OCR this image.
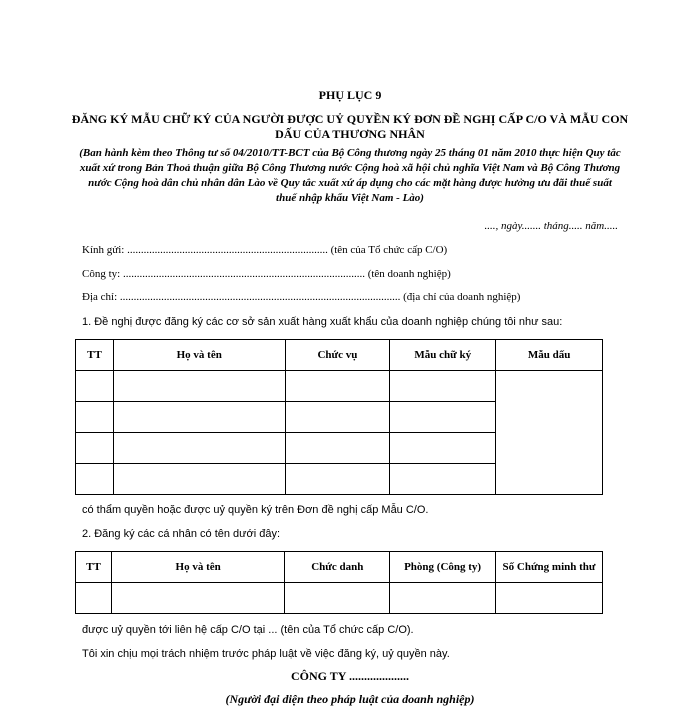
PHỤ LỤC 9
ĐĂNG KÝ MẪU CHỮ KÝ CỦA NGƯỜI ĐƯỢC UỶ QUYỀN KÝ ĐƠN ĐỀ NGHỊ CẤP C/O VÀ MẪU CON DẤU CỦA THƯƠNG NHÂN
(Ban hành kèm theo Thông tư số 04/2010/TT-BCT của Bộ Công thương ngày 25 tháng 01 năm 2010 thực hiện Quy tắc xuất xứ trong Bản Thoả thuận giữa Bộ Công Thương nước Cộng hoà xã hội chủ nghĩa Việt Nam và Bộ Công Thương nước Cộng hoà dân chủ nhân dân Lào về Quy tắc xuất xứ áp dụng cho các mặt hàng được hưởng ưu đãi thuế suất thuế nhập khẩu Việt Nam - Lào)
...., ngày....... tháng..... năm.....
Kính gửi: ......................................................................... (tên của Tổ chức cấp C/O)
Công ty: ........................................................................................ (tên doanh nghiệp)
Địa chỉ: ...................................................................................................... (địa chỉ của doanh nghiệp)
1. Đề nghị được đăng ký các cơ sở sản xuất hàng xuất khẩu của doanh nghiệp chúng tôi như sau:
TT	Họ và tên	Chức vụ	Mẫu chữ ký	Mẫu dấu

có thẩm quyền hoặc được uỷ quyền ký trên Đơn đề nghị cấp Mẫu C/O.
2. Đăng ký các cá nhân có tên dưới đây:
TT	Họ và tên	Chức danh	Phòng (Công ty)	Số Chứng minh thư

được uỷ quyền tới liên hệ cấp C/O tại ... (tên của Tổ chức cấp C/O).
Tôi xin chịu mọi trách nhiệm trước pháp luật về việc đăng ký, uỷ quyền này.
CÔNG TY ....................
(Người đại diện theo pháp luật của doanh nghiệp)
